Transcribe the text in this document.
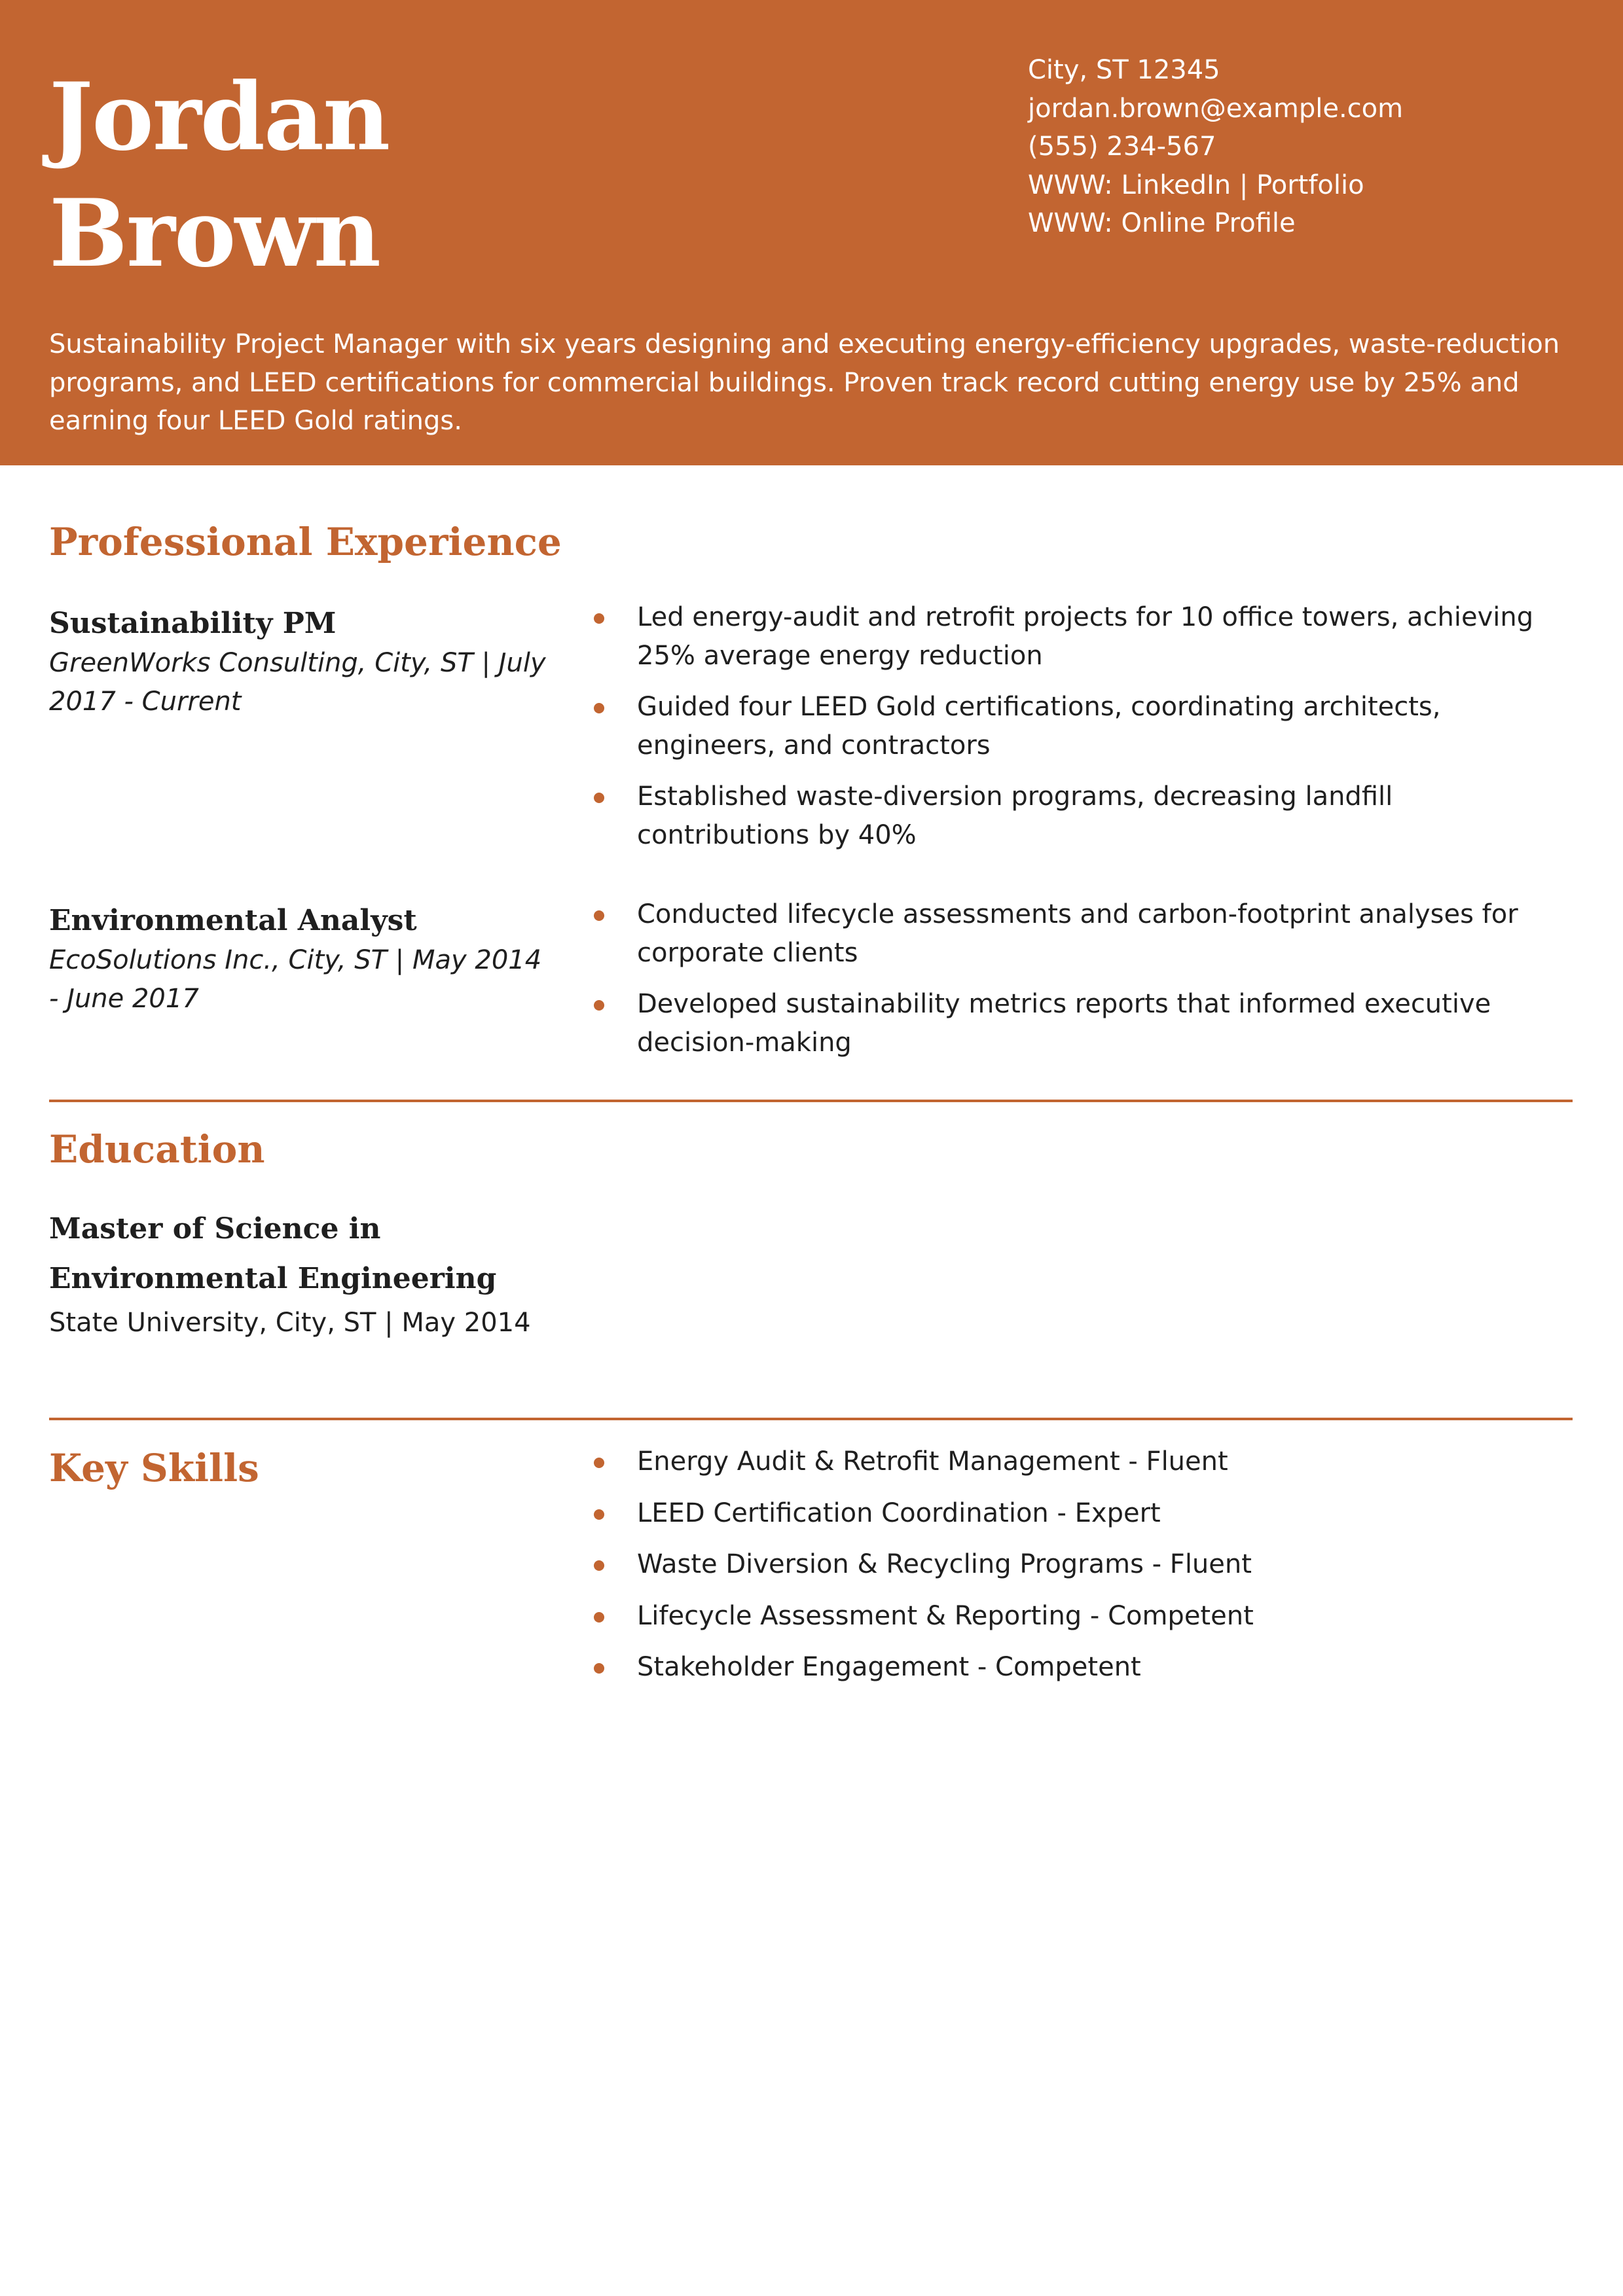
Jordan
Brown
City, ST 12345
jordan.brown@example.com
(555) 234-567
WWW: LinkedIn | Portfolio
WWW: Online Profile
Sustainability Project Manager with six years designing and executing energy-efficiency upgrades, waste-reduction programs, and LEED certifications for commercial buildings. Proven track record cutting energy use by 25% and earning four LEED Gold ratings.
Professional Experience
Sustainability PM
GreenWorks Consulting, City, ST | July 2017 - Current
Led energy-audit and retrofit projects for 10 office towers, achieving 25% average energy reduction
Guided four LEED Gold certifications, coordinating architects, engineers, and contractors
Established waste-diversion programs, decreasing landfill contributions by 40%
Environmental Analyst
EcoSolutions Inc., City, ST | May 2014 - June 2017
Conducted lifecycle assessments and carbon-footprint analyses for corporate clients
Developed sustainability metrics reports that informed executive decision-making
Education
Master of Science in Environmental Engineering
State University, City, ST | May 2014
Key Skills	Energy Audit & Retrofit Management - Fluent
LEED Certification Coordination - Expert
Waste Diversion & Recycling Programs - Fluent
Lifecycle Assessment & Reporting - Competent
Stakeholder Engagement - Competent
